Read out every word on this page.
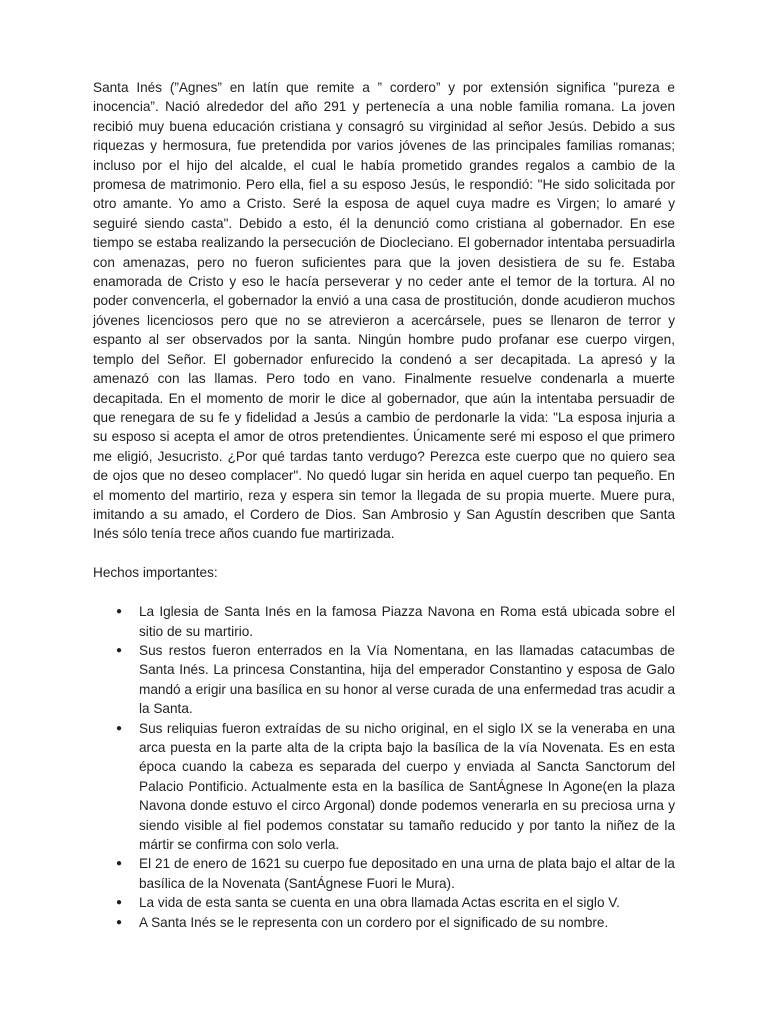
Santa Inés (”Agnes” en latín que remite a ” cordero” y por extensión significa "pureza e inocencia”. Nació alrededor del año 291 y pertenecía a una noble familia romana. La joven recibió muy buena educación cristiana y consagró su virginidad al señor Jesús. Debido a sus riquezas y hermosura, fue pretendida por varios jóvenes de las principales familias romanas; incluso por el hijo del alcalde, el cual le había prometido grandes regalos a cambio de la promesa de matrimonio. Pero ella, fiel a su esposo Jesús, le respondió: "He sido solicitada por otro amante. Yo amo a Cristo. Seré la esposa de aquel cuya madre es Virgen; lo amaré y seguiré siendo casta". Debido a esto, él la denunció como cristiana al gobernador. En ese tiempo se estaba realizando la persecución de Diocleciano. El gobernador intentaba persuadirla con amenazas, pero no fueron suficientes para que la joven desistiera de su fe. Estaba enamorada de Cristo y eso le hacía perseverar y no ceder ante el temor de la tortura. Al no poder convencerla, el gobernador la envió a una casa de prostitución, donde acudieron muchos jóvenes licenciosos pero que no se atrevieron a acercársele, pues se llenaron de terror y espanto al ser observados por la santa. Ningún hombre pudo profanar ese cuerpo virgen, templo del Señor. El gobernador enfurecido la condenó a ser decapitada. La apresó y la amenazó con las llamas. Pero todo en vano. Finalmente resuelve condenarla a muerte decapitada. En el momento de morir le dice al gobernador, que aún la intentaba persuadir de que renegara de su fe y fidelidad a Jesús a cambio de perdonarle la vida: "La esposa injuria a su esposo si acepta el amor de otros pretendientes. Únicamente seré mi esposo el que primero me eligió, Jesucristo. ¿Por qué tardas tanto verdugo? Perezca este cuerpo que no quiero sea de ojos que no deseo complacer". No quedó lugar sin herida en aquel cuerpo tan pequeño. En el momento del martirio, reza y espera sin temor la llegada de su propia muerte. Muere pura, imitando a su amado, el Cordero de Dios. San Ambrosio y San Agustín describen que Santa Inés sólo tenía trece años cuando fue martirizada.

Hechos importantes:

● La Iglesia de Santa Inés en la famosa Piazza Navona en Roma está ubicada sobre el sitio de su martirio.
● Sus restos fueron enterrados en la Vía Nomentana, en las llamadas catacumbas de Santa Inés. La princesa Constantina, hija del emperador Constantino y esposa de Galo mandó a erigir una basílica en su honor al verse curada de una enfermedad tras acudir a la Santa.
● Sus reliquias fueron extraídas de su nicho original, en el siglo IX se la veneraba en una arca puesta en la parte alta de la cripta bajo la basílica de la vía Novenata. Es en esta época cuando la cabeza es separada del cuerpo y enviada al Sancta Sanctorum del Palacio Pontificio. Actualmente esta en la basílica de SantÁgnese In Agone(en la plaza Navona donde estuvo el circo Argonal) donde podemos venerarla en su preciosa urna y siendo visible al fiel podemos constatar su tamaño reducido y por tanto la niñez de la mártir se confirma con solo verla.
● El 21 de enero de 1621 su cuerpo fue depositado en una urna de plata bajo el altar de la basílica de la Novenata (SantÁgnese Fuori le Mura).
● La vida de esta santa se cuenta en una obra llamada Actas escrita en el siglo V.
● A Santa Inés se le representa con un cordero por el significado de su nombre.
